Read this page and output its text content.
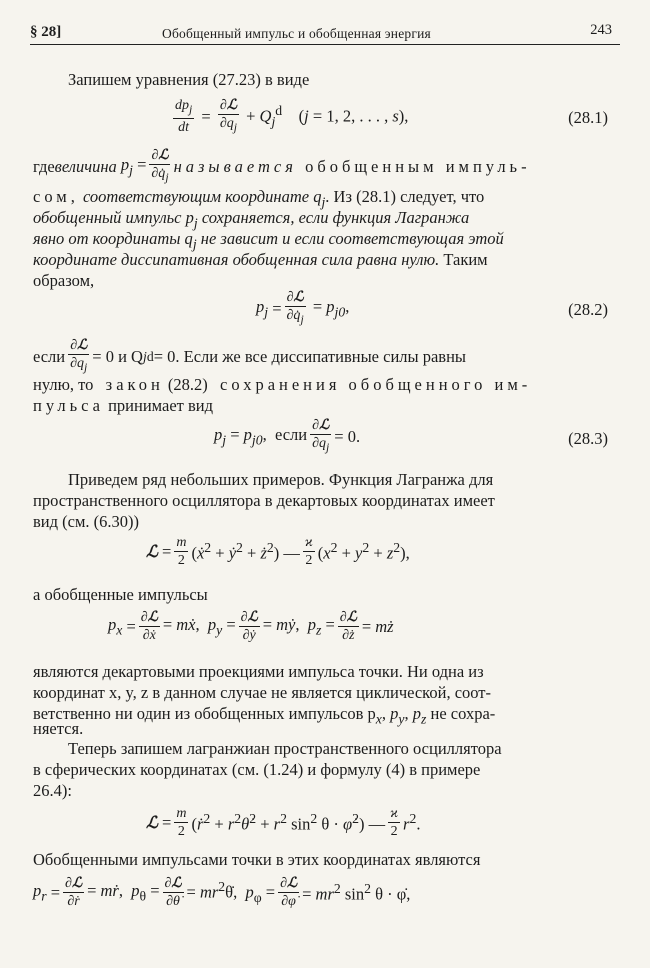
§ 28]	Обобщенный импульс и обобщенная энергия	243
Запишем уравнения (27.23) в виде
$dp_j$
dt
=
∂ℒ
$\partial q_j$
+ $Q_j^d$    (j = 1, 2, . . . , s),	(28.1)
где величина $p_j$ = ∂ℒ
$\partial q̇_j$
называется
обобщенным импуль-
сом, соответствующим координате $q_j$. Из (28.1) следует, что
обобщенный импульс $p_j$ сохраняется, если функция Лагранжа
явно от координаты $q_j$ не зависит и если соответствующая этой
координате диссипативная обобщенная сила равна нулю. Таким
образом,
$p_j$ =
∂ℒ
$\partial q̇_j$
= $p_{j0}$,	(28.2)
если
∂ℒ
$\partial q_j$
= 0 и Q j d = 0. Если же все диссипативные силы равны
нулю, то закон (28.2) сохранения обобщенного им-
пульса принимает вид
$p_j = p_{j0}$,  если ∂ℒ
$\partial q_j$
= 0.	(28.3)
Приведем ряд небольших примеров. Функция Лагранжа для
пространственного осциллятора в декартовых координатах имеет
вид (см. (6.30))
ℒ = $\frac{m}{2}$ (ẋ$^2$ + ẏ$^2$ + $ż^2$) —
ϰ
2 $(x^2 + y^2 + z^2)$,
а обобщенные импульсы
$p_x$ = ∂ℒ
∂ẋ
= mẋ,  $p_y$ = ∂ℒ
∂ẏ
= mẏ,  $p_z$ = ∂ℒ
∂ż = mż
являются декартовыми проекциями импульса точки. Ни одна из
координат x, y, z в данном случае не является циклической, соот-
ветственно ни один из обобщенных импульсов $p_x$, $p_y$, $p_z$ не сохра-
няется.
Теперь запишем лагранжиан пространственного осциллятора
в сферических координатах (см. (1.24) и формулу (4) в примере
26.4):
ℒ = $\frac{m}{2}$ (ṙ$^2$ + $r^2\thetȧ^2 + r^2$ $\sin^2 \theta$ · φ̇$^2$) —
ϰ
2 $r^2$.
Обобщенными импульсами точки в этих координатах являются
$p_r$ = ∂ℒ
∂ṙ
= mṙ,  $p_\theta$ = ∂ℒ
∂θ̇ = $mr^2\thetȧ$,  $p_\varphi$ = ∂ℒ
∂φ̇ = $mr^2$ $\sin^2 \theta$ · φ̇,
